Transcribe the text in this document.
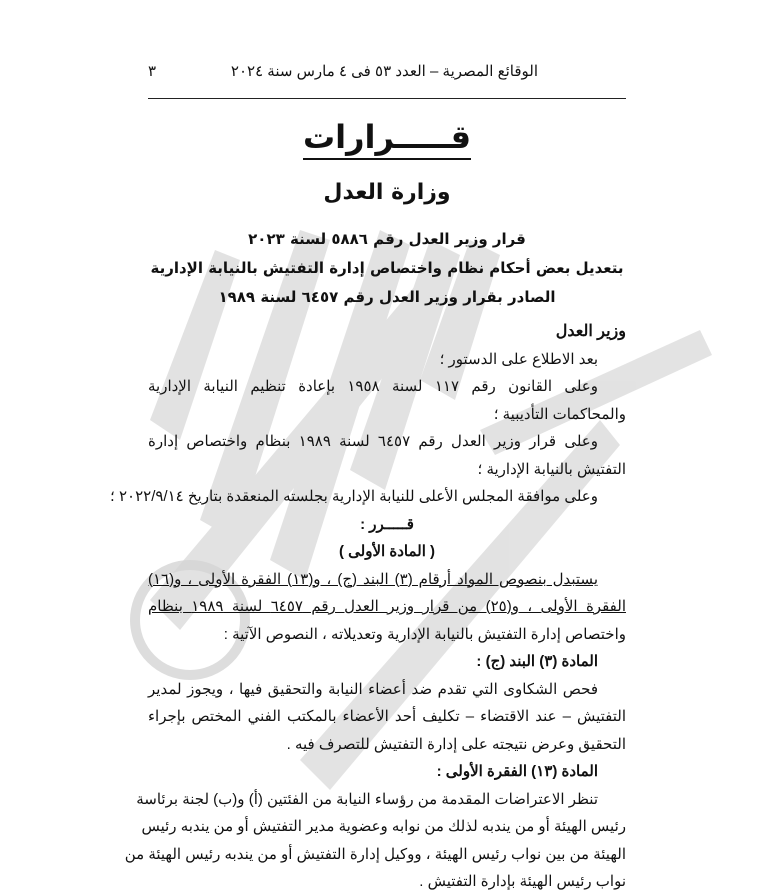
الوقائع المصرية – العدد ٥٣ فى ٤ مارس سنة ٢٠٢٤
٣
قـــــرارات
وزارة العدل
قرار وزير العدل رقم ٥٨٨٦ لسنة ٢٠٢٣
بتعديل بعض أحكام نظام واختصاص إدارة التفتيش بالنيابة الإدارية
الصادر بقرار وزير العدل رقم ٦٤٥٧ لسنة ١٩٨٩
وزير العدل
بعد الاطلاع على الدستور ؛
وعلى القانون رقم ١١٧ لسنة ١٩٥٨ بإعادة تنظيم النيابة الإدارية
والمحاكمات التأديبية ؛
وعلى قرار وزير العدل رقم ٦٤٥٧ لسنة ١٩٨٩ بنظام واختصاص إدارة
التفتيش بالنيابة الإدارية ؛
وعلى موافقة المجلس الأعلى للنيابة الإدارية بجلسته المنعقدة بتاريخ ٢٠٢٢/٩/١٤ ؛
قـــــرر :
( المادة الأولى )
يستبدل بنصوص المواد أرقام (٣) البند (ج) ، و(١٣) الفقرة الأولى ، و(١٦)
الفقرة الأولى ، و(٢٥) من قرار وزير العدل رقم ٦٤٥٧ لسنة ١٩٨٩ بنظام
واختصاص إدارة التفتيش بالنيابة الإدارية وتعديلاته ، النصوص الآتية :
المادة (٣) البند (ج) :
فحص الشكاوى التي تقدم ضد أعضاء النيابة والتحقيق فيها ، ويجوز لمدير
التفتيش – عند الاقتضاء – تكليف أحد الأعضاء بالمكتب الفني المختص بإجراء
التحقيق وعرض نتيجته على إدارة التفتيش للتصرف فيه .
المادة (١٣) الفقرة الأولى :
تنظر الاعتراضات المقدمة من رؤساء النيابة من الفئتين (أ) و(ب) لجنة برئاسة
رئيس الهيئة أو من يندبه لذلك من نوابه وعضوية مدير التفتيش أو من يندبه رئيس
الهيئة من بين نواب رئيس الهيئة ، ووكيل إدارة التفتيش أو من يندبه رئيس الهيئة من
نواب رئيس الهيئة بإدارة التفتيش .
